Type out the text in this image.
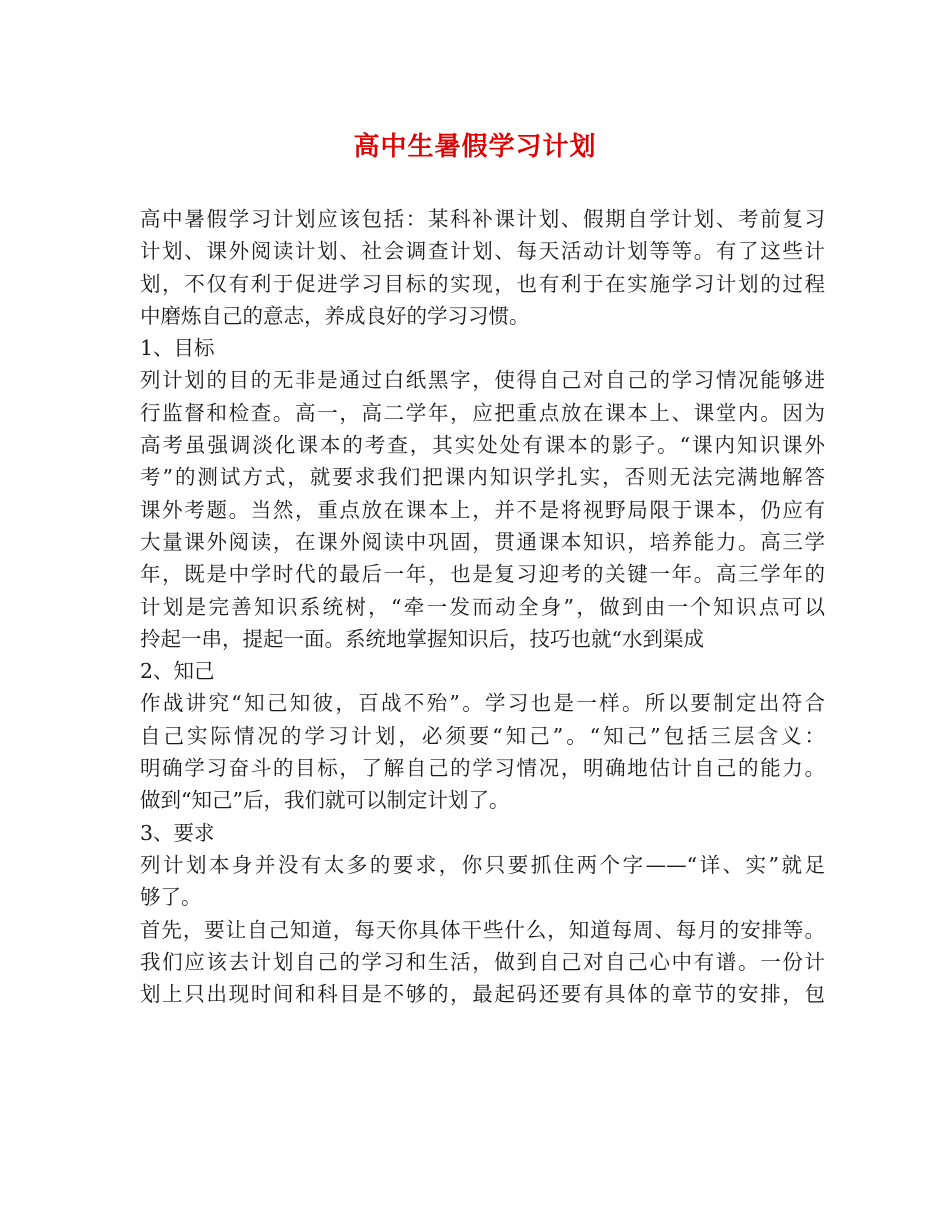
高中生暑假学习计划
高中暑假学习计划应该包括：某科补课计划、假期自学计划、考前复习
计划、课外阅读计划、社会调查计划、每天活动计划等等。有了这些计
划，不仅有利于促进学习目标的实现，也有利于在实施学习计划的过程
中磨炼自己的意志，养成良好的学习习惯。
1、目标
列计划的目的无非是通过白纸黑字，使得自己对自己的学习情况能够进
行监督和检查。高一，高二学年，应把重点放在课本上、课堂内。因为
高考虽强调淡化课本的考查，其实处处有课本的影子。“课内知识课外
考”的测试方式，就要求我们把课内知识学扎实，否则无法完满地解答
课外考题。当然，重点放在课本上，并不是将视野局限于课本，仍应有
大量课外阅读，在课外阅读中巩固，贯通课本知识，培养能力。高三学
年，既是中学时代的最后一年，也是复习迎考的关键一年。高三学年的
计划是完善知识系统树，“牵一发而动全身”，做到由一个知识点可以
拎起一串，提起一面。系统地掌握知识后，技巧也就“水到渠成
2、知己
作战讲究“知己知彼，百战不殆”。学习也是一样。所以要制定出符合
自己实际情况的学习计划，必须要“知己”。“知己”包括三层含义：
明确学习奋斗的目标，了解自己的学习情况，明确地估计自己的能力。
做到“知己”后，我们就可以制定计划了。
3、要求
列计划本身并没有太多的要求，你只要抓住两个字——“详、实”就足
够了。
首先，要让自己知道，每天你具体干些什么，知道每周、每月的安排等。
我们应该去计划自己的学习和生活，做到自己对自己心中有谱。一份计
划上只出现时间和科目是不够的，最起码还要有具体的章节的安排，包
